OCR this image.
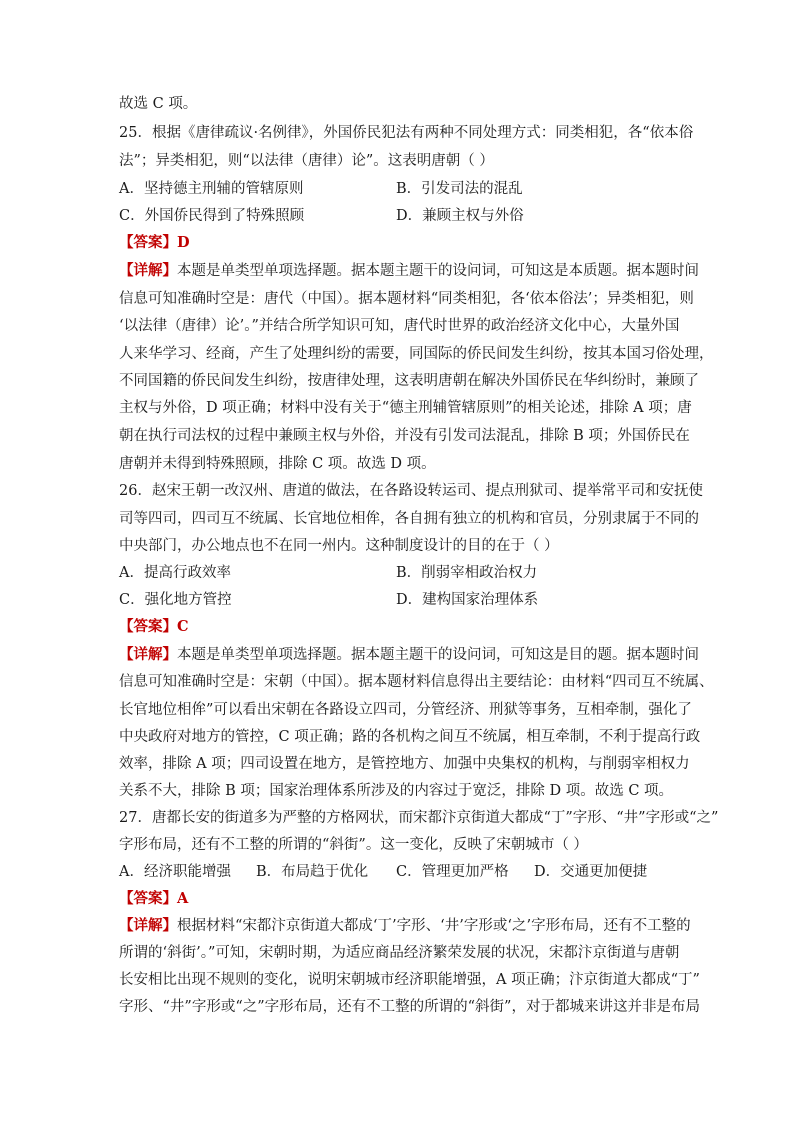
故选 C 项。
25．根据《唐律疏议·名例律》，外国侨民犯法有两种不同处理方式：同类相犯，各“依本俗
法”；异类相犯，则“以法律（唐律）论”。这表明唐朝（ ）
A．坚持德主刑辅的管辖原则	B．引发司法的混乱
C．外国侨民得到了特殊照顾	D．兼顾主权与外俗
【答案】D
【详解】本题是单类型单项选择题。据本题主题干的设问词，可知这是本质题。据本题时间
信息可知准确时空是：唐代（中国）。据本题材料“同类相犯，各‘依本俗法’；异类相犯，则
‘以法律（唐律）论’。”并结合所学知识可知，唐代时世界的政治经济文化中心，大量外国
人来华学习、经商，产生了处理纠纷的需要，同国际的侨民间发生纠纷，按其本国习俗处理，
不同国籍的侨民间发生纠纷，按唐律处理，这表明唐朝在解决外国侨民在华纠纷时，兼顾了
主权与外俗，D 项正确；材料中没有关于“德主刑辅管辖原则”的相关论述，排除 A 项；唐
朝在执行司法权的过程中兼顾主权与外俗，并没有引发司法混乱，排除 B 项；外国侨民在
唐朝并未得到特殊照顾，排除 C 项。故选 D 项。
26．赵宋王朝一改汉州、唐道的做法，在各路设转运司、提点刑狱司、提举常平司和安抚使
司等四司，四司互不统属、长官地位相侔，各自拥有独立的机构和官员，分别隶属于不同的
中央部门，办公地点也不在同一州内。这种制度设计的目的在于（ ）
A．提高行政效率	B．削弱宰相政治权力
C．强化地方管控	D．建构国家治理体系
【答案】C
【详解】本题是单类型单项选择题。据本题主题干的设问词，可知这是目的题。据本题时间
信息可知准确时空是：宋朝（中国）。据本题材料信息得出主要结论：由材料“四司互不统属、
长官地位相侔”可以看出宋朝在各路设立四司，分管经济、刑狱等事务，互相牵制，强化了
中央政府对地方的管控，C 项正确；路的各机构之间互不统属，相互牵制，不利于提高行政
效率，排除 A 项；四司设置在地方，是管控地方、加强中央集权的机构，与削弱宰相权力
关系不大，排除 B 项；国家治理体系所涉及的内容过于宽泛，排除 D 项。故选 C 项。
27．唐都长安的街道多为严整的方格网状，而宋都汴京街道大都成“丁”字形、“井”字形或“之”
字形布局，还有不工整的所谓的“斜街”。这一变化，反映了宋朝城市（ ）
A．经济职能增强 B．布局趋于优化 C．管理更加严格 D．交通更加便捷
【答案】A
【详解】根据材料“宋都汴京街道大都成‘丁’字形、‘井’字形或‘之’字形布局，还有不工整的
所谓的‘斜街’。”可知，宋朝时期，为适应商品经济繁荣发展的状况，宋都汴京街道与唐朝
长安相比出现不规则的变化，说明宋朝城市经济职能增强，A 项正确；汴京街道大都成“丁”
字形、“井”字形或“之”字形布局，还有不工整的所谓的“斜街”，对于都城来讲这并非是布局
